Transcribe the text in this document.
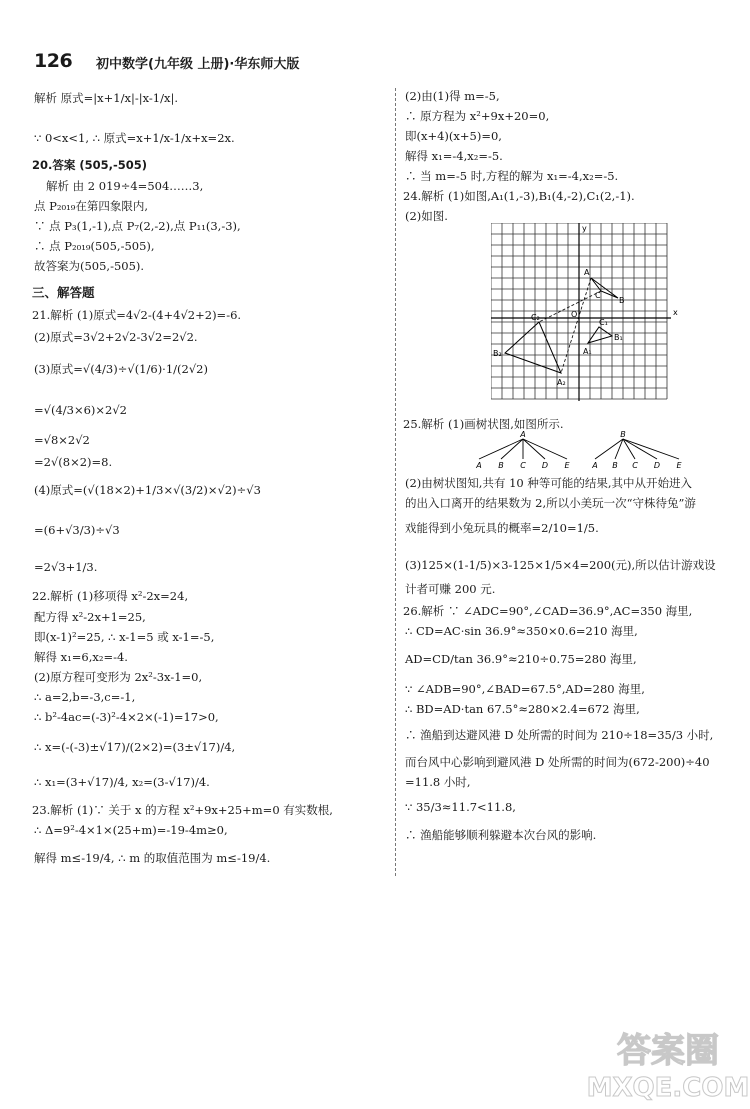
126 初中数学(九年级 上册)·华东师大版
解析 原式=|x+1/x|-|x-1/x|.
∵ 0<x<1, ∴ 原式=x+1/x-1/x+x=2x.
20.答案 (505,-505)
解析 由 2 019÷4=504……3,
点 P₂₀₁₉在第四象限内,
∵ 点 P₃(1,-1),点 P₇(2,-2),点 P₁₁(3,-3),
∴ 点 P₂₀₁₉(505,-505),
故答案为(505,-505).
三、解答题
21.解析 (1)原式=4√2-(4+4√2+2)=-6.
(2)原式=3√2+2√2-3√2=2√2.
(3)原式=√(4/3)÷√(1/6)·1/(2√2)
=√(4/3×6)×2√2
=√8×2√2
=2√(8×2)=8.
(4)原式=(√(18×2)+1/3×√(3/2)×√2)÷√3
=(6+√3/3)÷√3
=2√3+1/3.
22.解析 (1)移项得 x²-2x=24,
配方得 x²-2x+1=25,
即(x-1)²=25, ∴ x-1=5 或 x-1=-5,
解得 x₁=6,x₂=-4.
(2)原方程可变形为 2x²-3x-1=0,
∴ a=2,b=-3,c=-1,
∴ b²-4ac=(-3)²-4×2×(-1)=17>0,
∴ x=(-(-3)±√17)/(2×2)=(3±√17)/4,
∴ x₁=(3+√17)/4, x₂=(3-√17)/4.
23.解析 (1)∵ 关于 x 的方程 x²+9x+25+m=0 有实数根,
∴ Δ=9²-4×1×(25+m)=-19-4m≥0,
解得 m≤-19/4, ∴ m 的取值范围为 m≤-19/4.
(2)由(1)得 m=-5,
∴ 原方程为 x²+9x+20=0,
即(x+4)(x+5)=0,
解得 x₁=-4,x₂=-5.
∴ 当 m=-5 时,方程的解为 x₁=-4,x₂=-5.
24.解析 (1)如图,A₁(1,-3),B₁(4,-2),C₁(2,-1).
(2)如图.
x
y
O
A
B
C
A₁
B₁
C₁
A₂
B₂
C₂
25.解析 (1)画树状图,如图所示.
A
A B C D E
B
A B C D E
(2)由树状图知,共有 10 种等可能的结果,其中从开始进入
的出入口离开的结果数为 2,所以小美玩一次“守株待兔”游
戏能得到小兔玩具的概率=2/10=1/5.
(3)125×(1-1/5)×3-125×1/5×4=200(元),所以估计游戏设
计者可赚 200 元.
26.解析 ∵ ∠ADC=90°,∠CAD=36.9°,AC=350 海里,
∴ CD=AC·sin 36.9°≈350×0.6=210 海里,
AD=CD/tan 36.9°≈210÷0.75=280 海里,
∵ ∠ADB=90°,∠BAD=67.5°,AD=280 海里,
∴ BD=AD·tan 67.5°≈280×2.4=672 海里,
∴ 渔船到达避风港 D 处所需的时间为 210÷18=35/3 小时,
而台风中心影响到避风港 D 处所需的时间为(672-200)÷40
=11.8 小时,
∵ 35/3≈11.7<11.8,
∴ 渔船能够顺利躲避本次台风的影响.
答案圈
MXQE.COM
